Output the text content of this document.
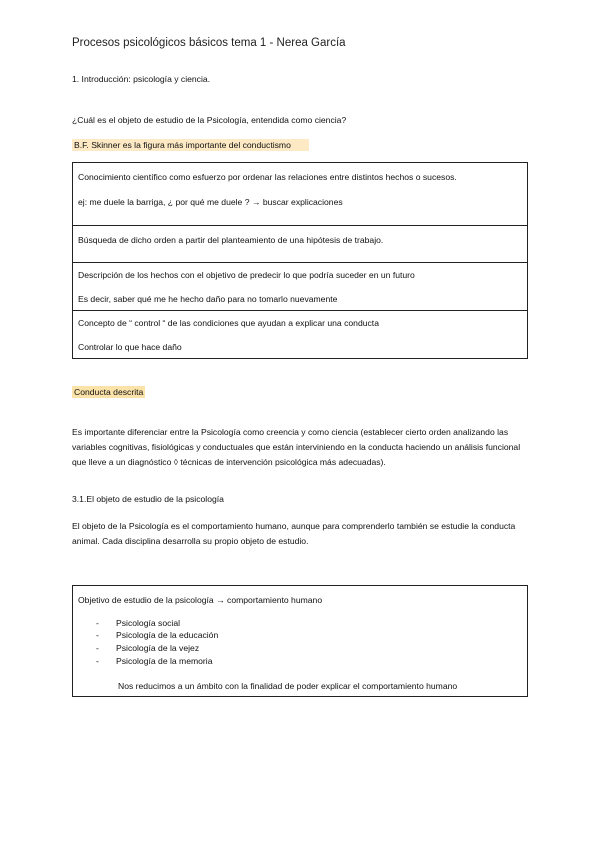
Procesos psicológicos básicos tema 1 - Nerea García
1. Introducción: psicología y ciencia.
¿Cuál es el objeto de estudio de la Psicología, entendida como ciencia?
B.F. Skinner es la figura más importante del conductismo
Conocimiento científico como esfuerzo por ordenar las relaciones entre distintos hechos o sucesos.
ej: me duele la barriga, ¿ por qué me duele ? → buscar explicaciones
Búsqueda de dicho orden a partir del planteamiento de una hipótesis de trabajo.
Descripción de los hechos con el objetivo de predecir lo que podría suceder en un futuro
Es decir, saber qué me he hecho daño para no tomarlo nuevamente
Concepto de “ control “ de las condiciones que ayudan a explicar una conducta
Controlar lo que hace daño
Conducta descrita
Es importante diferenciar entre la Psicología como creencia y como ciencia (establecer cierto orden analizando las variables cognitivas, fisiológicas y conductuales que están interviniendo en la conducta haciendo un análisis funcional que lleve a un diagnóstico ◊ técnicas de intervención psicológica más adecuadas).
3.1.El objeto de estudio de la psicología
El objeto de la Psicología es el comportamiento humano, aunque para comprenderlo también se estudie la conducta animal. Cada disciplina desarrolla su propio objeto de estudio.
Objetivo de estudio de la psicología → comportamiento humano
- Psicología social
- Psicología de la educación
- Psicología de la vejez
- Psicología de la memoria
Nos reducimos a un ámbito con la finalidad de poder explicar el comportamiento humano
